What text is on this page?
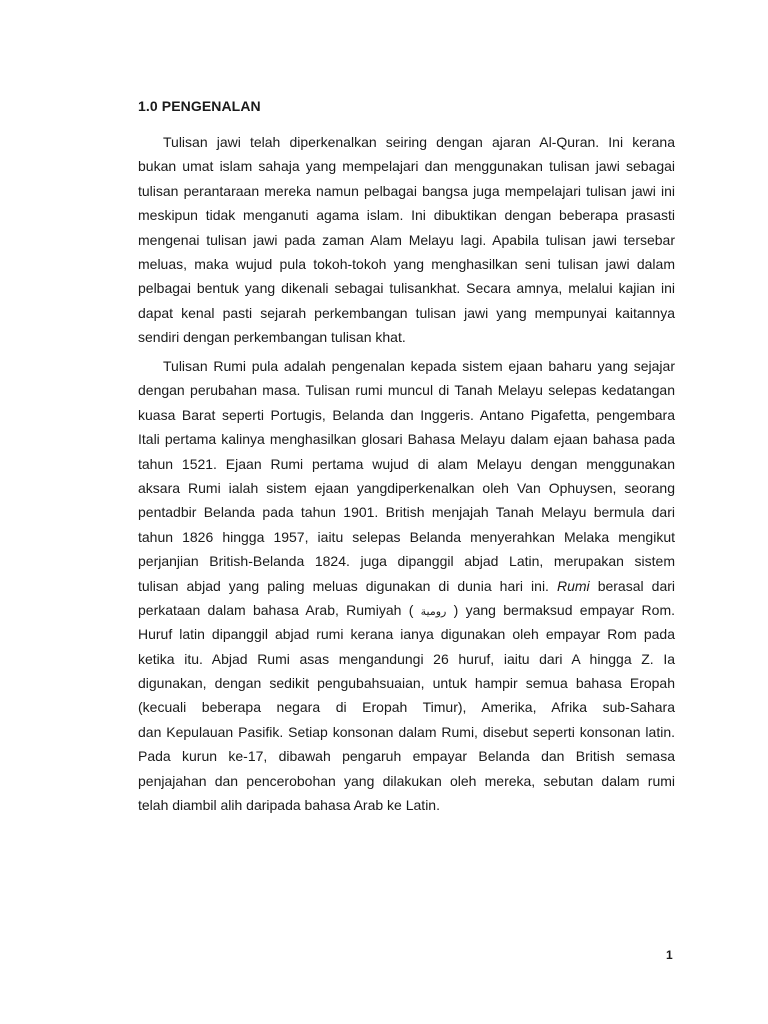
1.0 PENGENALAN
Tulisan jawi telah diperkenalkan seiring dengan ajaran Al-Quran. Ini kerana
bukan umat islam sahaja yang mempelajari dan menggunakan tulisan jawi sebagai
tulisan perantaraan mereka namun pelbagai bangsa juga mempelajari tulisan jawi ini
meskipun tidak menganuti agama islam. Ini dibuktikan dengan beberapa prasasti
mengenai tulisan jawi pada zaman Alam Melayu lagi. Apabila tulisan jawi tersebar
meluas, maka wujud pula tokoh-tokoh yang menghasilkan seni tulisan jawi dalam
pelbagai bentuk yang dikenali sebagai tulisankhat. Secara amnya, melalui kajian ini
dapat kenal pasti sejarah perkembangan tulisan jawi yang mempunyai kaitannya
sendiri dengan perkembangan tulisan khat.
Tulisan Rumi pula adalah pengenalan kepada sistem ejaan baharu yang sejajar
dengan perubahan masa. Tulisan rumi muncul di Tanah Melayu selepas kedatangan
kuasa Barat seperti Portugis, Belanda dan Inggeris. Antano Pigafetta, pengembara
Itali pertama kalinya menghasilkan glosari Bahasa Melayu dalam ejaan bahasa pada
tahun 1521. Ejaan Rumi pertama wujud di alam Melayu dengan menggunakan
aksara Rumi ialah sistem ejaan yangdiperkenalkan oleh Van Ophuysen, seorang
pentadbir Belanda pada tahun 1901. British menjajah Tanah Melayu bermula dari
tahun 1826 hingga 1957, iaitu selepas Belanda menyerahkan Melaka mengikut
perjanjian British-Belanda 1824. juga dipanggil abjad Latin, merupakan sistem
tulisan abjad yang paling meluas digunakan di dunia hari ini. Rumi berasal dari
perkataan dalam bahasa Arab, Rumiyah ( رومية ) yang bermaksud empayar Rom.
Huruf latin dipanggil abjad rumi kerana ianya digunakan oleh empayar Rom pada
ketika itu. Abjad Rumi asas mengandungi 26 huruf, iaitu dari A hingga Z. Ia
digunakan, dengan sedikit pengubahsuaian, untuk hampir semua bahasa Eropah
(kecuali beberapa negara di Eropah Timur), Amerika, Afrika sub-Sahara
dan Kepulauan Pasifik. Setiap konsonan dalam Rumi, disebut seperti konsonan latin.
Pada kurun ke-17, dibawah pengaruh empayar Belanda dan British semasa
penjajahan dan pencerobohan yang dilakukan oleh mereka, sebutan dalam rumi
telah diambil alih daripada bahasa Arab ke Latin.
1
